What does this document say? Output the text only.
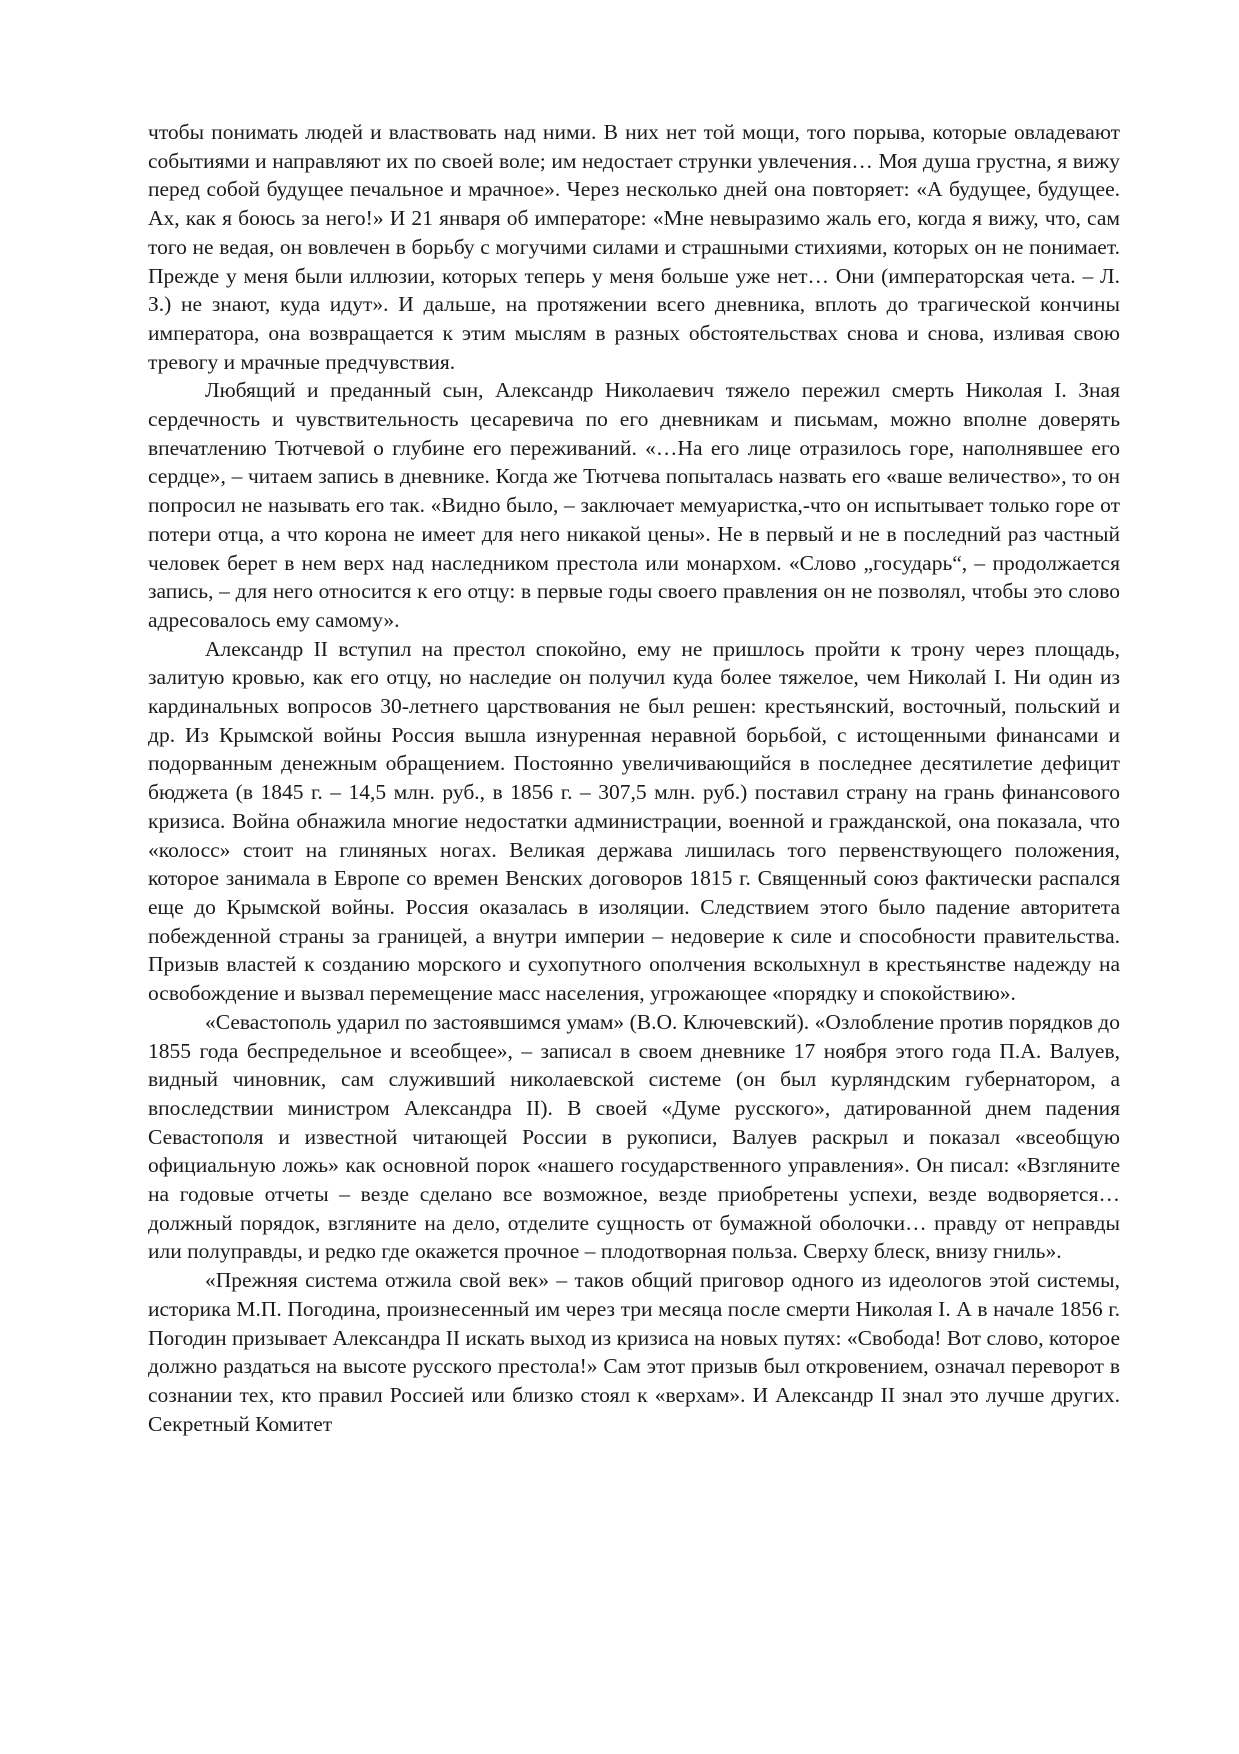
чтобы понимать людей и властвовать над ними. В них нет той мощи, того порыва, которые овладевают событиями и направляют их по своей воле; им недостает струнки увлечения… Моя душа грустна, я вижу перед собой будущее печальное и мрачное». Через несколько дней она повторяет: «А будущее, будущее. Ах, как я боюсь за него!» И 21 января об императоре: «Мне невыразимо жаль его, когда я вижу, что, сам того не ведая, он вовлечен в борьбу с могучими силами и страшными стихиями, которых он не понимает. Прежде у меня были иллюзии, которых теперь у меня больше уже нет… Они (императорская чета. – Л. З.) не знают, куда идут». И дальше, на протяжении всего дневника, вплоть до трагической кончины императора, она возвращается к этим мыслям в разных обстоятельствах снова и снова, изливая свою тревогу и мрачные предчувствия.

Любящий и преданный сын, Александр Николаевич тяжело пережил смерть Николая I. Зная сердечность и чувствительность цесаревича по его дневникам и письмам, можно вполне доверять впечатлению Тютчевой о глубине его переживаний. «…На его лице отразилось горе, наполнявшее его сердце», – читаем запись в дневнике. Когда же Тютчева попыталась назвать его «ваше величество», то он попросил не называть его так. «Видно было, – заключает мемуаристка,-что он испытывает только горе от потери отца, а что корона не имеет для него никакой цены». Не в первый и не в последний раз частный человек берет в нем верх над наследником престола или монархом. «Слово „государь“, – продолжается запись, – для него относится к его отцу: в первые годы своего правления он не позволял, чтобы это слово адресовалось ему самому».

Александр II вступил на престол спокойно, ему не пришлось пройти к трону через площадь, залитую кровью, как его отцу, но наследие он получил куда более тяжелое, чем Николай I. Ни один из кардинальных вопросов 30-летнего царствования не был решен: крестьянский, восточный, польский и др. Из Крымской войны Россия вышла изнуренная неравной борьбой, с истощенными финансами и подорванным денежным обращением. Постоянно увеличивающийся в последнее десятилетие дефицит бюджета (в 1845 г. – 14,5 млн. руб., в 1856 г. – 307,5 млн. руб.) поставил страну на грань финансового кризиса. Война обнажила многие недостатки администрации, военной и гражданской, она показала, что «колосс» стоит на глиняных ногах. Великая держава лишилась того первенствующего положения, которое занимала в Европе со времен Венских договоров 1815 г. Священный союз фактически распался еще до Крымской войны. Россия оказалась в изоляции. Следствием этого было падение авторитета побежденной страны за границей, а внутри империи – недоверие к силе и способности правительства. Призыв властей к созданию морского и сухопутного ополчения всколыхнул в крестьянстве надежду на освобождение и вызвал перемещение масс населения, угрожающее «порядку и спокойствию».

«Севастополь ударил по застоявшимся умам» (В.О. Ключевский). «Озлобление против порядков до 1855 года беспредельное и всеобщее», – записал в своем дневнике 17 ноября этого года П.А. Валуев, видный чиновник, сам служивший николаевской системе (он был курляндским губернатором, а впоследствии министром Александра II). В своей «Думе русского», датированной днем падения Севастополя и известной читающей России в рукописи, Валуев раскрыл и показал «всеобщую официальную ложь» как основной порок «нашего государственного управления». Он писал: «Взгляните на годовые отчеты – везде сделано все возможное, везде приобретены успехи, везде водворяется… должный порядок, взгляните на дело, отделите сущность от бумажной оболочки… правду от неправды или полуправды, и редко где окажется прочное – плодотворная польза. Сверху блеск, внизу гниль».

«Прежняя система отжила свой век» – таков общий приговор одного из идеологов этой системы, историка М.П. Погодина, произнесенный им через три месяца после смерти Николая I. А в начале 1856 г. Погодин призывает Александра II искать выход из кризиса на новых путях: «Свобода! Вот слово, которое должно раздаться на высоте русского престола!» Сам этот призыв был откровением, означал переворот в сознании тех, кто правил Россией или близко стоял к «верхам». И Александр II знал это лучше других. Секретный Комитет
